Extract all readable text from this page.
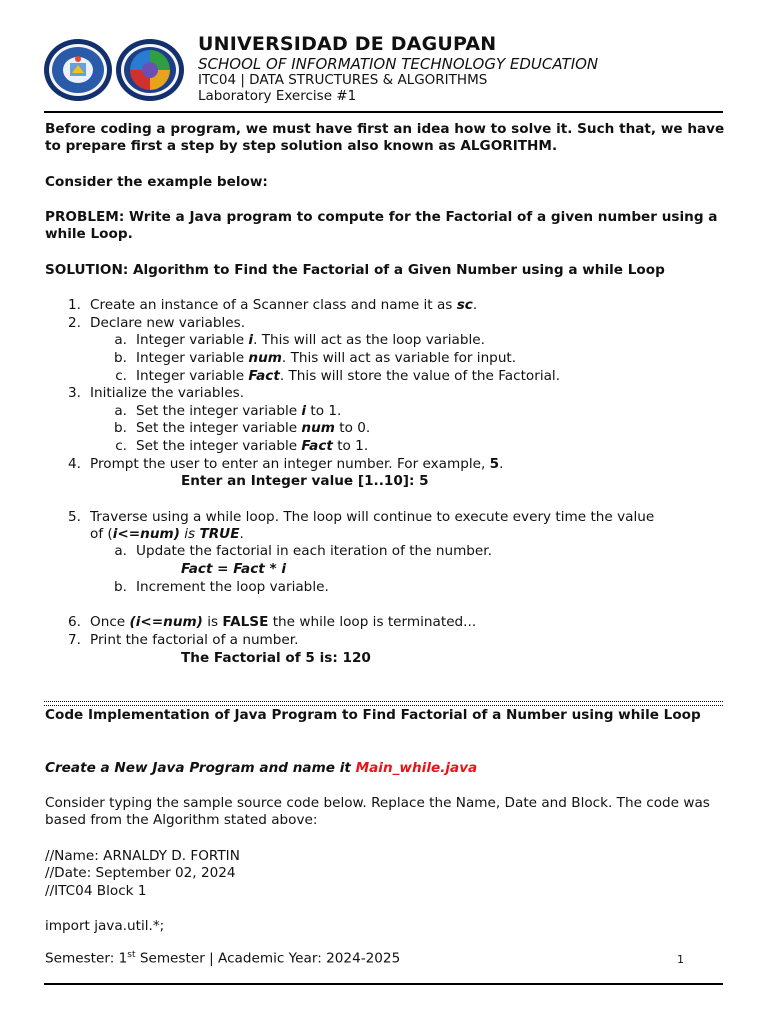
UNIVERSIDAD DE DAGUPAN
SCHOOL OF INFORMATION TECHNOLOGY EDUCATION
ITC04 | DATA STRUCTURES & ALGORITHMS
Laboratory Exercise #1
Before coding a program, we must have first an idea how to solve it. Such that, we have to prepare first a step by step solution also known as ALGORITHM.
Consider the example below:
PROBLEM: Write a Java program to compute for the Factorial of a given number using a while Loop.
SOLUTION: Algorithm to Find the Factorial of a Given Number using a while Loop
1. Create an instance of a Scanner class and name it as sc.
2. Declare new variables.
a. Integer variable i. This will act as the loop variable.
b. Integer variable num. This will act as variable for input.
c. Integer variable Fact. This will store the value of the Factorial.
3. Initialize the variables.
a. Set the integer variable i to 1.
b. Set the integer variable num to 0.
c. Set the integer variable Fact to 1.
4. Prompt the user to enter an integer number. For example, 5.
Enter an Integer value [1..10]: 5
5. Traverse using a while loop. The loop will continue to execute every time the value
of (i<=num) is TRUE.
a. Update the factorial in each iteration of the number.
Fact = Fact * i
b. Increment the loop variable.
6. Once (i<=num) is FALSE the while loop is terminated...
7. Print the factorial of a number.
The Factorial of 5 is: 120
Code Implementation of Java Program to Find Factorial of a Number using while Loop
Create a New Java Program and name it Main_while.java
Consider typing the sample source code below. Replace the Name, Date and Block. The code was based from the Algorithm stated above:
//Name: ARNALDY D. FORTIN
//Date: September 02, 2024
//ITC04 Block 1
import java.util.*;
Semester: 1st Semester | Academic Year: 2024-2025	1
